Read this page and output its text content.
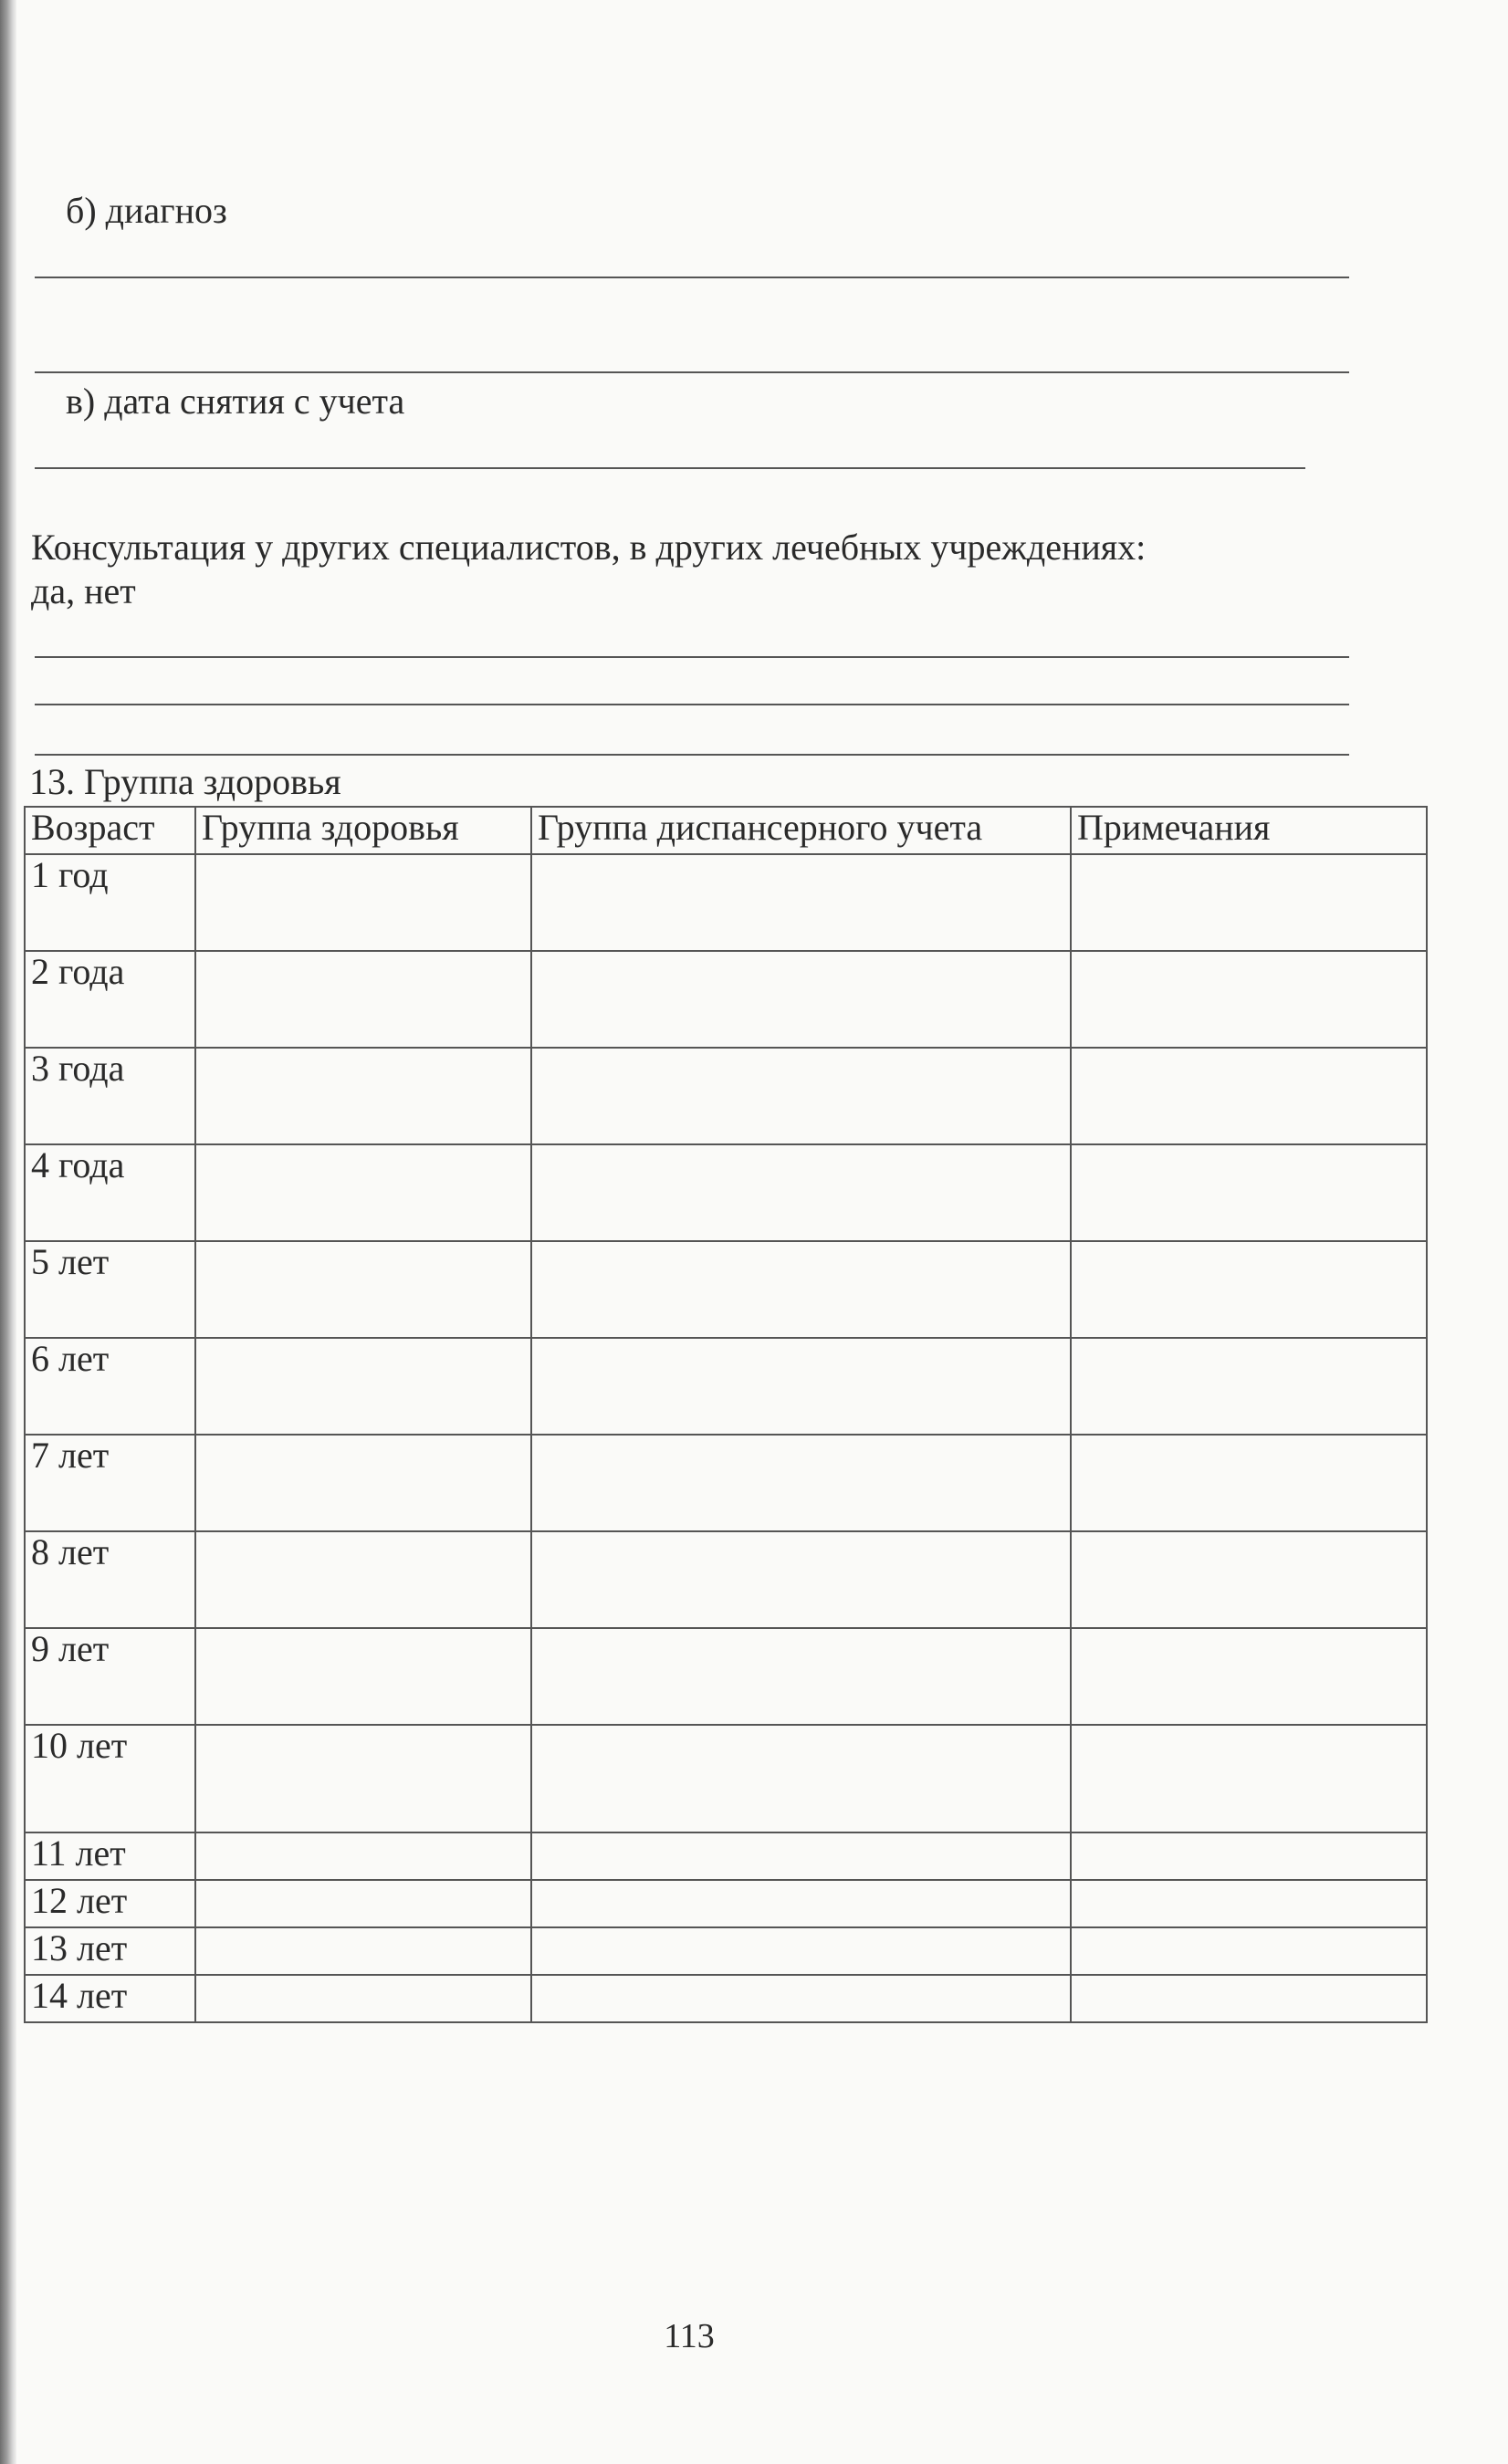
б) диагноз
в) дата снятия с учета
Консультация у других специалистов, в других лечебных учреждениях:
да, нет
13. Группа здоровья
Возраст	Группа здоровья	Группа диспансерного учета	Примечания
1 год			
2 года			
3 года			
4 года			
5 лет			
6 лет			
7 лет			
8 лет			
9 лет			
10 лет			
11 лет			
12 лет			
13 лет			
14 лет			
113
